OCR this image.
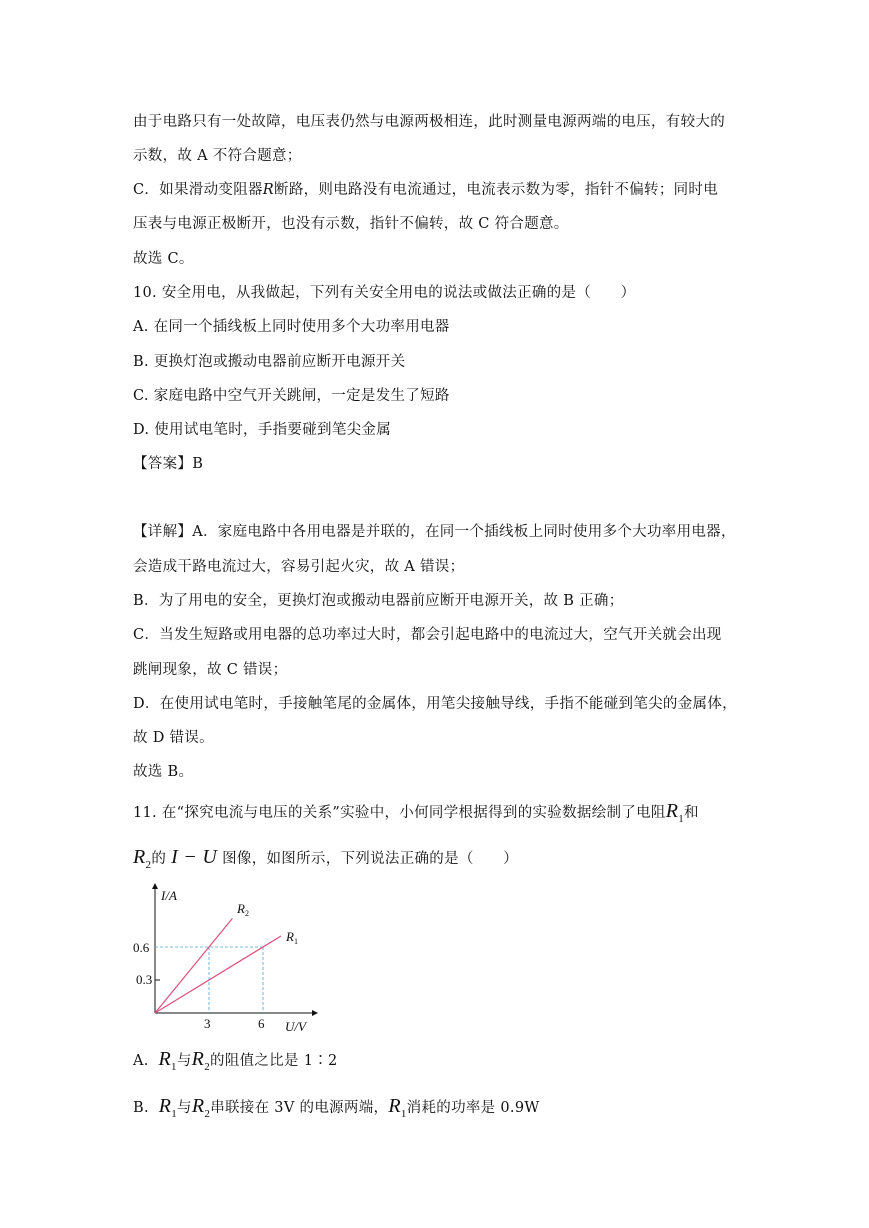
由于电路只有一处故障，电压表仍然与电源两极相连，此时测量电源两端的电压，有较大的
示数，故 A 不符合题意；
C．如果滑动变阻器R断路，则电路没有电流通过，电流表示数为零，指针不偏转；同时电
压表与电源正极断开，也没有示数，指针不偏转，故 C 符合题意。
故选 C。
10. 安全用电，从我做起，下列有关安全用电的说法或做法正确的是（　　）
A. 在同一个插线板上同时使用多个大功率用电器
B. 更换灯泡或搬动电器前应断开电源开关
C. 家庭电路中空气开关跳闸，一定是发生了短路
D. 使用试电笔时，手指要碰到笔尖金属
【答案】B
【详解】A．家庭电路中各用电器是并联的，在同一个插线板上同时使用多个大功率用电器，
会造成干路电流过大，容易引起火灾，故 A 错误；
B．为了用电的安全，更换灯泡或搬动电器前应断开电源开关，故 B 正确；
C．当发生短路或用电器的总功率过大时，都会引起电路中的电流过大，空气开关就会出现
跳闸现象，故 C 错误；
D．在使用试电笔时，手接触笔尾的金属体，用笔尖接触导线，手指不能碰到笔尖的金属体，
故 D 错误。
故选 B。
11. 在“探究电流与电压的关系”实验中，小何同学根据得到的实验数据绘制了电阻$R_1$和
$R_2$的 I − U 图像，如图所示，下列说法正确的是（　　）
I/A
U/V
0.6
0.3
3	6
$R_2$
$R_1$
A. $R_1$与$R_2$的阻值之比是 1∶2
B. $R_1$与$R_2$串联接在 3V 的电源两端，$R_1$消耗的功率是 0.9W
